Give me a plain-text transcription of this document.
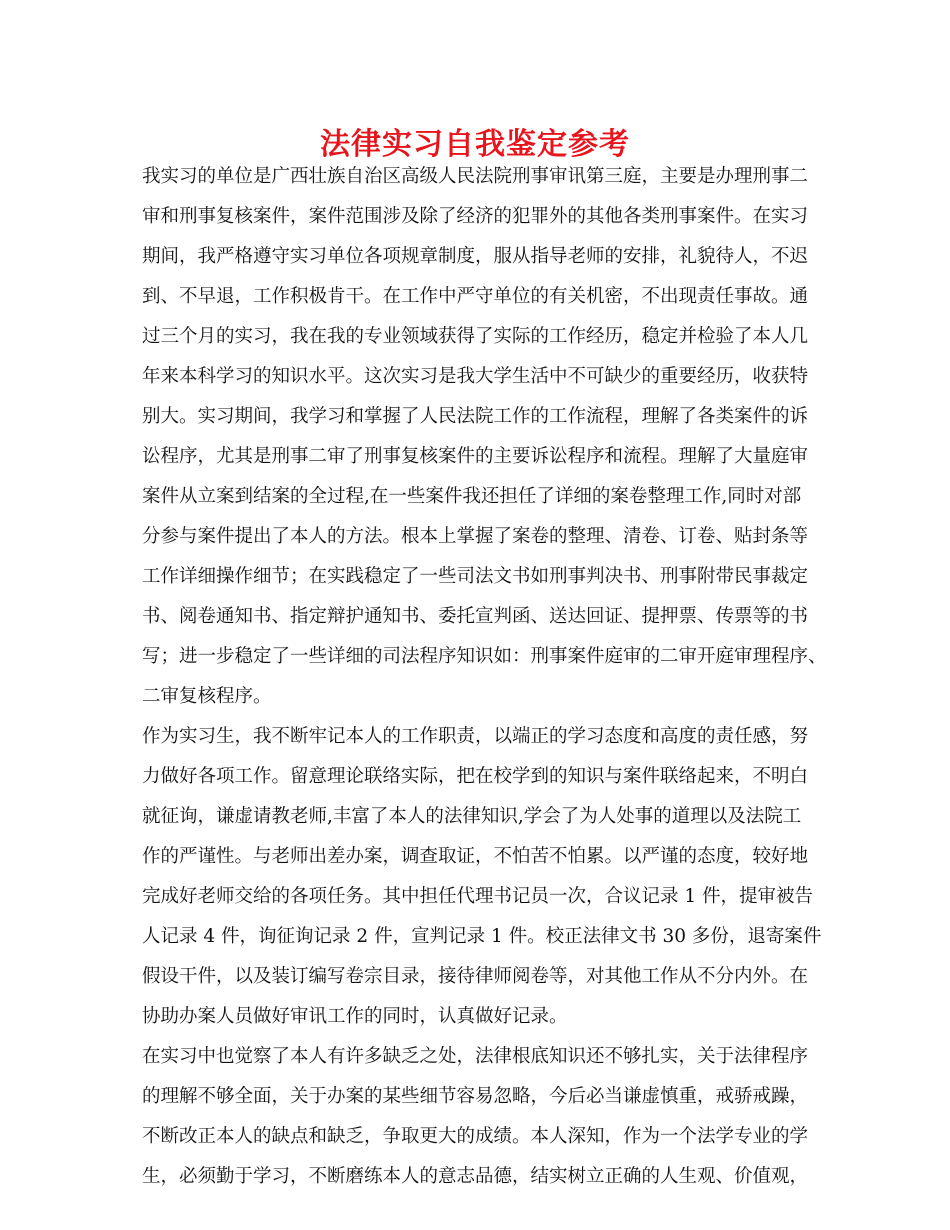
法律实习自我鉴定参考
我实习的单位是广西壮族自治区高级人民法院刑事审讯第三庭，主要是办理刑事二
审和刑事复核案件，案件范围涉及除了经济的犯罪外的其他各类刑事案件。在实习
期间，我严格遵守实习单位各项规章制度，服从指导老师的安排，礼貌待人，不迟
到、不早退，工作积极肯干。在工作中严守单位的有关机密，不出现责任事故。通
过三个月的实习，我在我的专业领域获得了实际的工作经历，稳定并检验了本人几
年来本科学习的知识水平。这次实习是我大学生活中不可缺少的重要经历，收获特
别大。实习期间，我学习和掌握了人民法院工作的工作流程，理解了各类案件的诉
讼程序，尤其是刑事二审了刑事复核案件的主要诉讼程序和流程。理解了大量庭审
案件从立案到结案的全过程,在一些案件我还担任了详细的案卷整理工作,同时对部
分参与案件提出了本人的方法。根本上掌握了案卷的整理、清卷、订卷、贴封条等
工作详细操作细节；在实践稳定了一些司法文书如刑事判决书、刑事附带民事裁定
书、阅卷通知书、指定辩护通知书、委托宣判函、送达回证、提押票、传票等的书
写；进一步稳定了一些详细的司法程序知识如：刑事案件庭审的二审开庭审理程序、
二审复核程序。
作为实习生，我不断牢记本人的工作职责，以端正的学习态度和高度的责任感，努
力做好各项工作。留意理论联络实际，把在校学到的知识与案件联络起来，不明白
就征询，谦虚请教老师,丰富了本人的法律知识,学会了为人处事的道理以及法院工
作的严谨性。与老师出差办案，调查取证，不怕苦不怕累。以严谨的态度，较好地
完成好老师交给的各项任务。其中担任代理书记员一次，合议记录 1 件，提审被告
人记录 4 件，询征询记录 2 件，宣判记录 1 件。校正法律文书 30 多份，退寄案件
假设干件，以及装订编写卷宗目录，接待律师阅卷等，对其他工作从不分内外。在
协助办案人员做好审讯工作的同时，认真做好记录。
在实习中也觉察了本人有许多缺乏之处，法律根底知识还不够扎实，关于法律程序
的理解不够全面，关于办案的某些细节容易忽略，今后必当谦虚慎重，戒骄戒躁，
不断改正本人的缺点和缺乏，争取更大的成绩。本人深知，作为一个法学专业的学
生，必须勤于学习，不断磨练本人的意志品德，结实树立正确的人生观、价值观，
